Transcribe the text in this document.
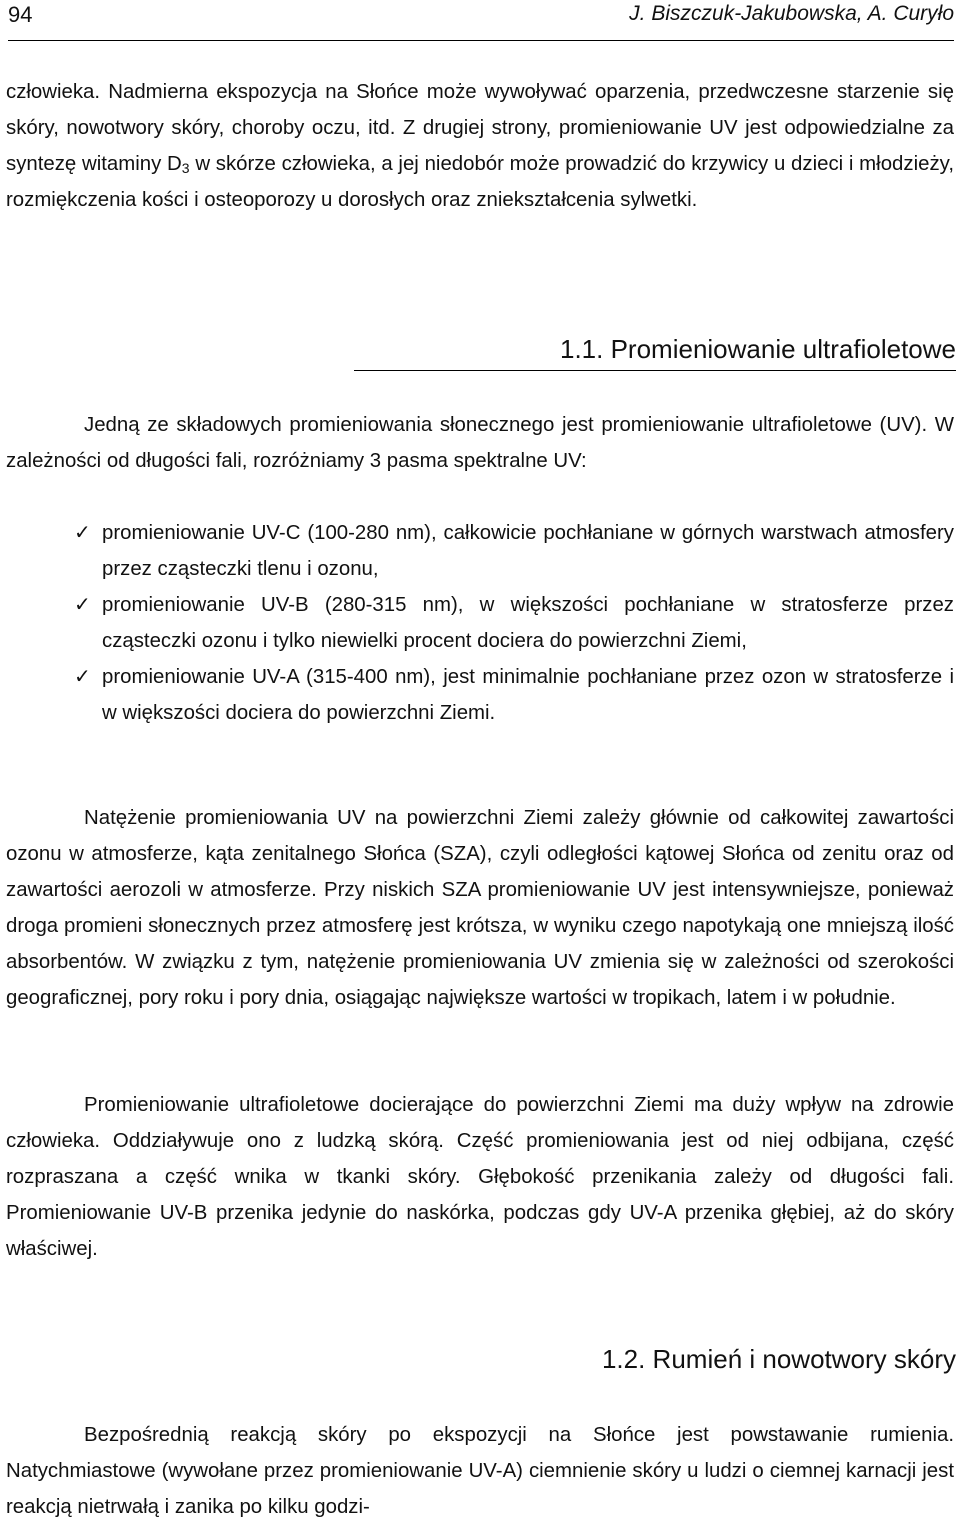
94	J. Biszczuk-Jakubowska, A. Curyło

człowieka. Nadmierna ekspozycja na Słońce może wywoływać oparzenia, przedwczesne starzenie się skóry, nowotwory skóry, choroby oczu, itd. Z drugiej strony, promieniowanie UV jest odpowiedzialne za syntezę witaminy $D_3$ w skórze człowieka, a jej niedobór może prowadzić do krzywicy u dzieci i młodzieży, rozmiękczenia kości i osteoporozy u dorosłych oraz zniekształcenia sylwetki.

1.1. Promieniowanie ultrafioletowe

Jedną ze składowych promieniowania słonecznego jest promieniowanie ultrafioletowe (UV). W zależności od długości fali, rozróżniamy 3 pasma spektralne UV:

✓ promieniowanie UV-C (100-280 nm), całkowicie pochłaniane w górnych warstwach atmosfery przez cząsteczki tlenu i ozonu,
✓ promieniowanie UV-B (280-315 nm), w większości pochłaniane w stratosferze przez cząsteczki ozonu i tylko niewielki procent dociera do powierzchni Ziemi,
✓ promieniowanie UV-A (315-400 nm), jest minimalnie pochłaniane przez ozon w stratosferze i w większości dociera do powierzchni Ziemi.

Natężenie promieniowania UV na powierzchni Ziemi zależy głównie od całkowitej zawartości ozonu w atmosferze, kąta zenitalnego Słońca (SZA), czyli odległości kątowej Słońca od zenitu oraz od zawartości aerozoli w atmosferze. Przy niskich SZA promieniowanie UV jest intensywniejsze, ponieważ droga promieni słonecznych przez atmosferę jest krótsza, w wyniku czego napotykają one mniejszą ilość absorbentów. W związku z tym, natężenie promieniowania UV zmienia się w zależności od szerokości geograficznej, pory roku i pory dnia, osiągając największe wartości w tropikach, latem i w południe.

Promieniowanie ultrafioletowe docierające do powierzchni Ziemi ma duży wpływ na zdrowie człowieka. Oddziaływuje ono z ludzką skórą. Część promieniowania jest od niej odbijana, część rozpraszana a część wnika w tkanki skóry. Głębokość przenikania zależy od długości fali. Promieniowanie UV-B przenika jedynie do naskórka, podczas gdy UV-A przenika głębiej, aż do skóry właściwej.

1.2. Rumień i nowotwory skóry

Bezpośrednią reakcją skóry po ekspozycji na Słońce jest powstawanie rumienia. Natychmiastowe (wywołane przez promieniowanie UV-A) ciemnienie skóry u ludzi o ciemnej karnacji jest reakcją nietrwałą i zanika po kilku godzi-
